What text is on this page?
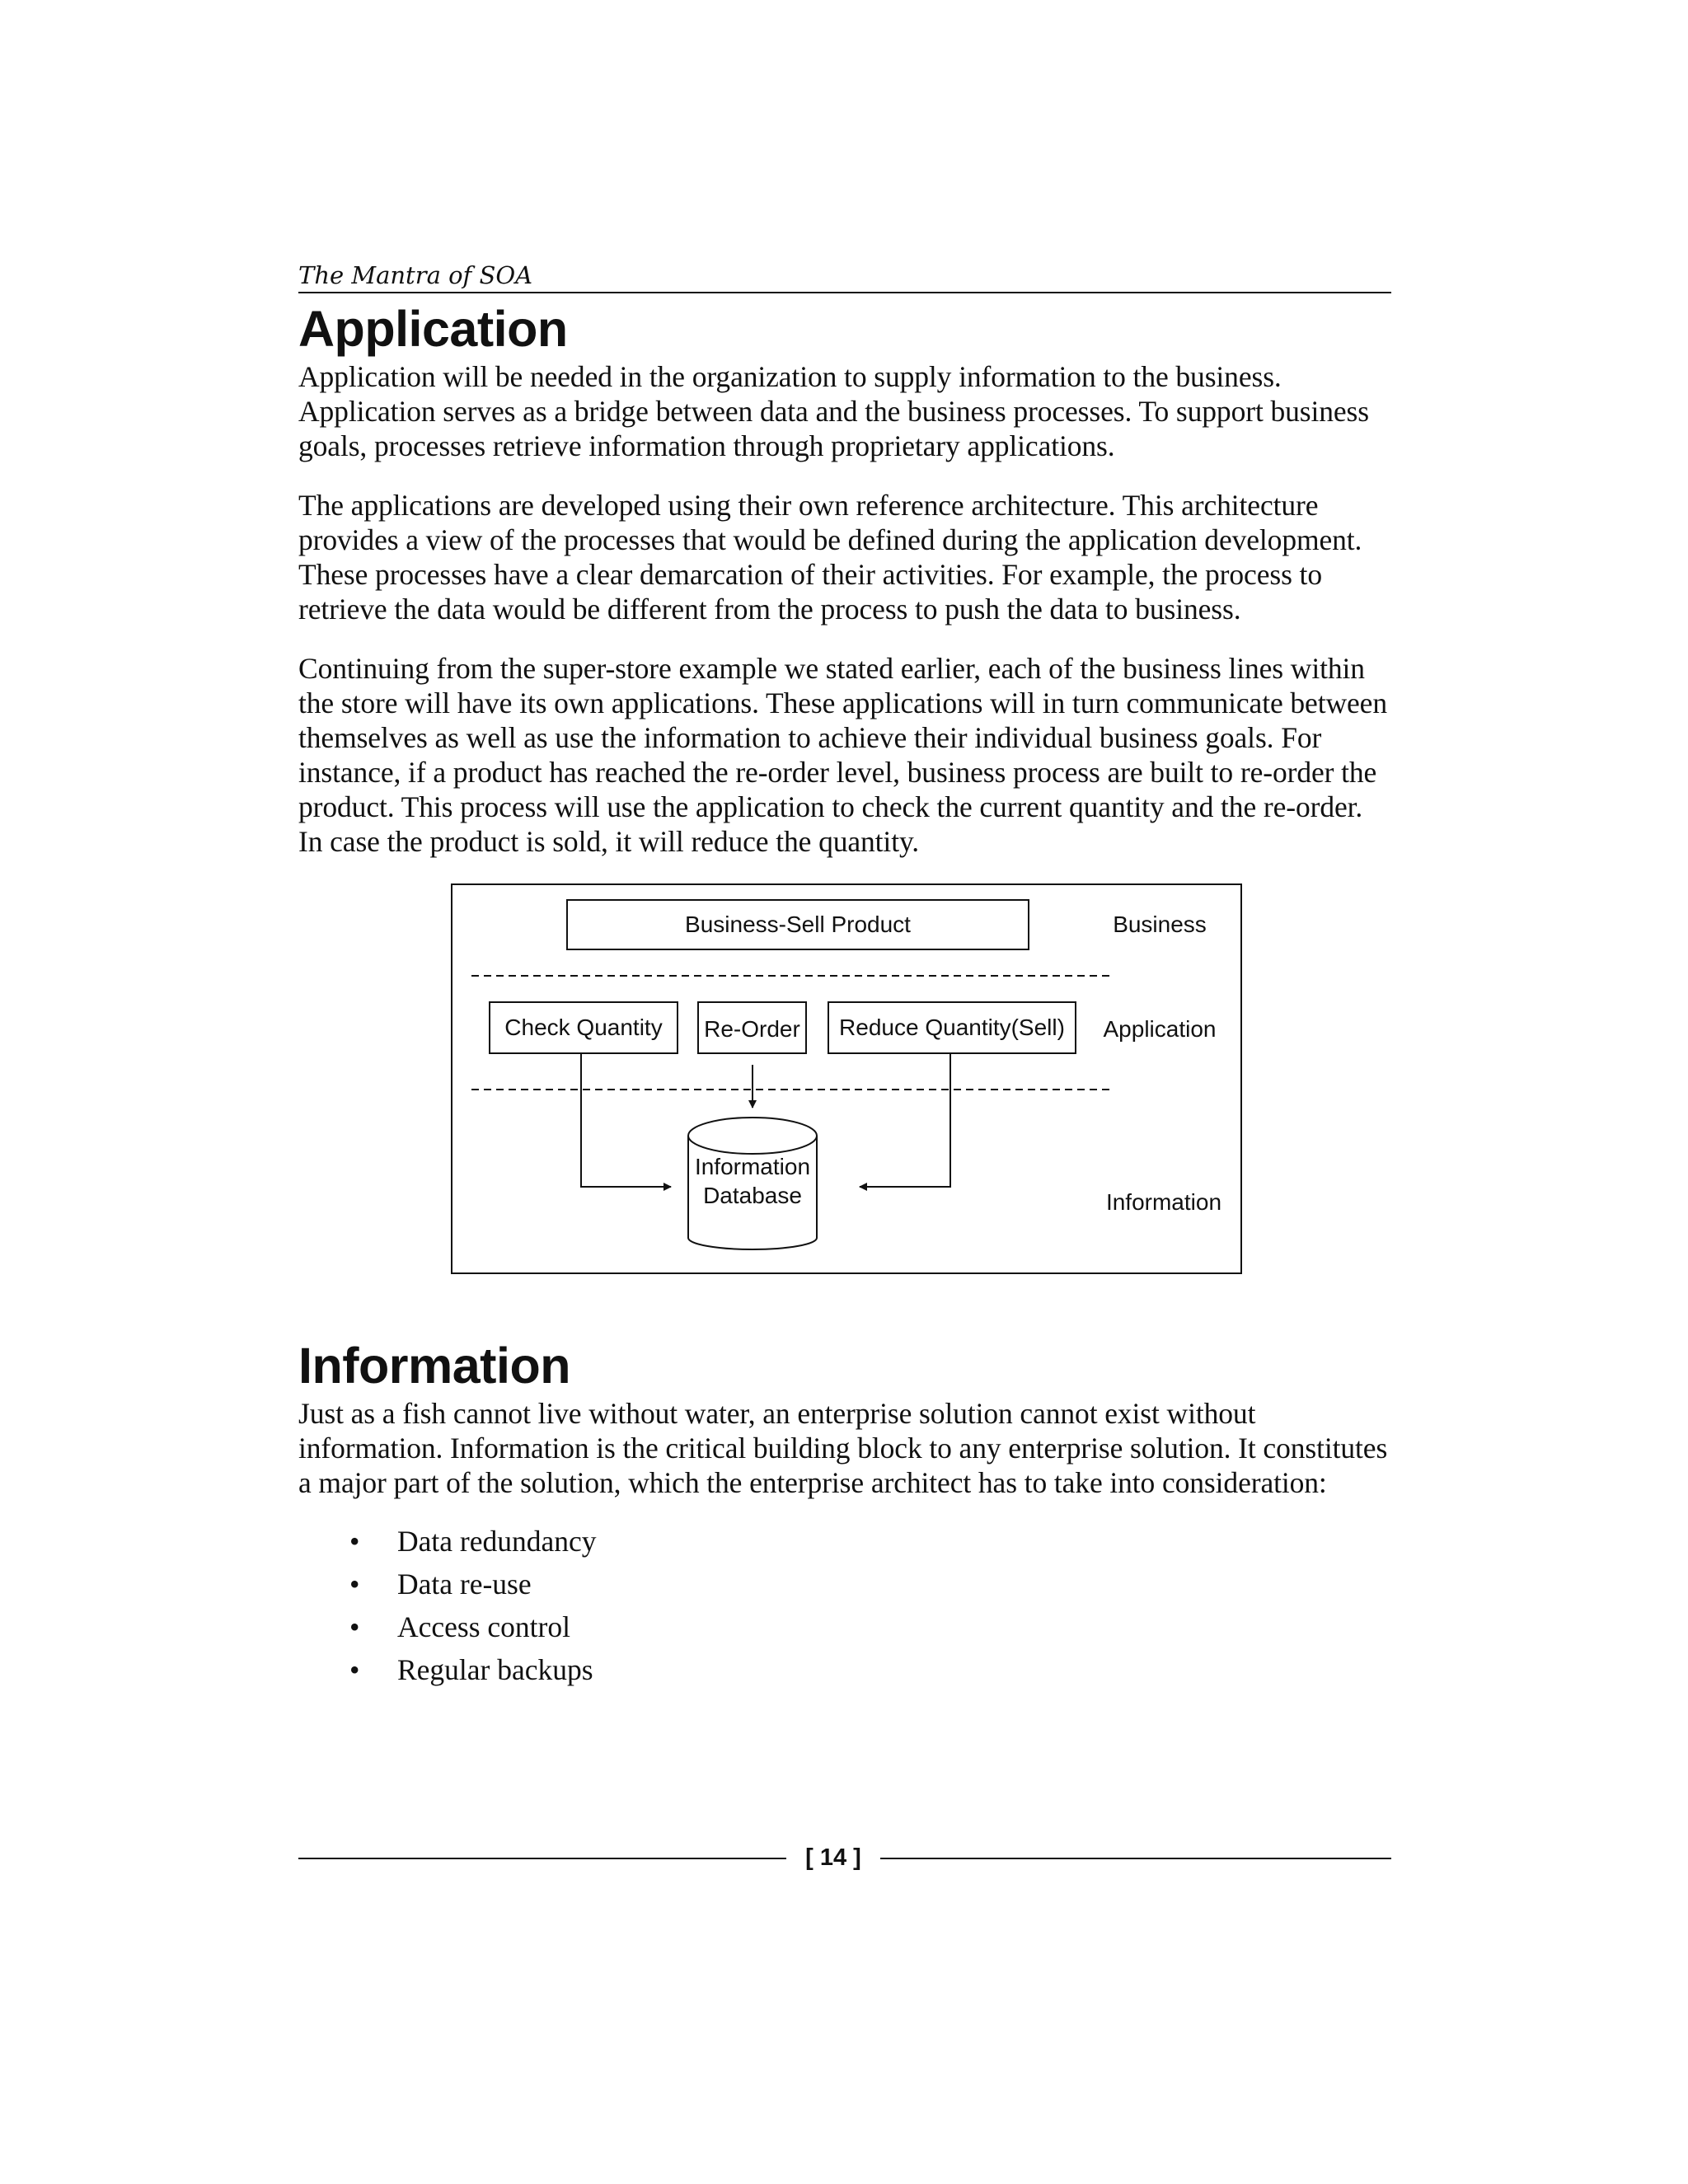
The Mantra of SOA
Application

Application will be needed in the organization to supply information to the business. Application serves as a bridge between data and the business processes. To support business goals, processes retrieve information through proprietary applications.

The applications are developed using their own reference architecture. This architecture provides a view of the processes that would be defined during the application development. These processes have a clear demarcation of their activities. For example, the process to retrieve the data would be different from the process to push the data to business.

Continuing from the super-store example we stated earlier, each of the business lines within the store will have its own applications. These applications will in turn communicate between themselves as well as use the information to achieve their individual business goals. For instance, if a product has reached the re-order level, business process are built to re-order the product. This process will use the application to check the current quantity and the re-order. In case the product is sold, it will reduce the quantity.

Business-Sell Product	Business
Check Quantity	Re-Order	Reduce Quantity(Sell)	Application
Information
Database	Information
Information

Just as a fish cannot live without water, an enterprise solution cannot exist without information. Information is the critical building block to any enterprise solution. It constitutes a major part of the solution, which the enterprise architect has to take into consideration:

• Data redundancy
• Data re-use
• Access control
• Regular backups
[ 14 ]
